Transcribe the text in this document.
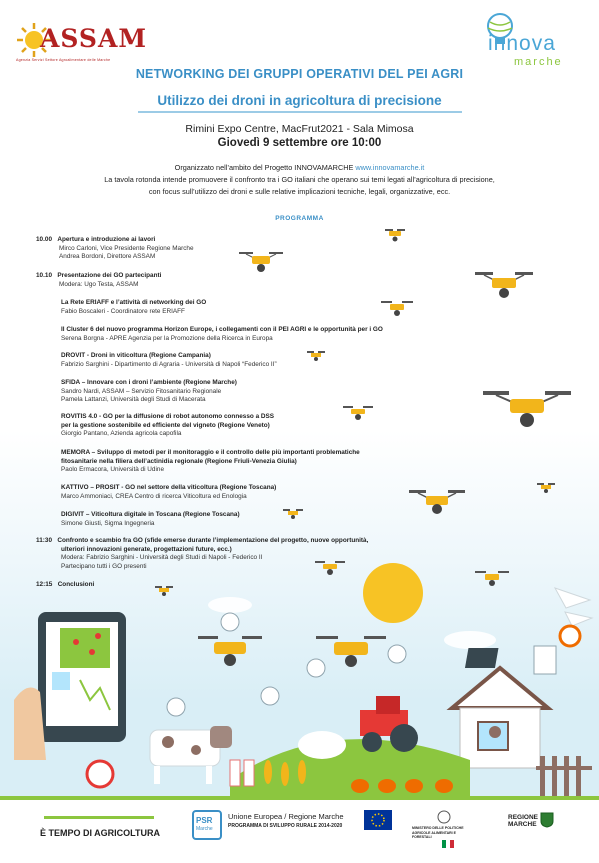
ASSAM
Agenzia Servizi Settore Agroalimentare delle Marche
innova
marche
NETWORKING DEI GRUPPI OPERATIVI DEL PEI AGRI
Utilizzo dei droni in agricoltura di precisione
Rimini Expo Centre, MacFrut2021 - Sala Mimosa
Giovedì 9 settembre ore 10:00
Organizzato nell’ambito del Progetto INNOVAMARCHE www.innovamarche.it
La tavola rotonda intende promuovere il confronto tra i GO italiani che operano sui temi legati all’agricoltura di precisione,
con focus sull’utilizzo dei droni e sulle relative implicazioni tecniche, legali, organizzative, ecc.
PROGRAMMA
10.00 Apertura e introduzione ai lavori
Mirco Carloni, Vice Presidente Regione Marche
Andrea Bordoni, Direttore ASSAM
10.10 Presentazione dei GO partecipanti
Modera: Ugo Testa, ASSAM
La Rete ERIAFF e l’attività di networking dei GO
Fabio Boscaleri - Coordinatore rete ERIAFF
Il Cluster 6 del nuovo programma Horizon Europe, i collegamenti con il PEI AGRI e le opportunità per i GO
Serena Borgna - APRE Agenzia per la Promozione della Ricerca in Europa
DROVIT - Droni in viticoltura (Regione Campania)
Fabrizio Sarghini - Dipartimento di Agraria - Università di Napoli “Federico II”
SFIDA – Innovare con i droni l’ambiente (Regione Marche)
Sandro Nardi, ASSAM – Servizio Fitosanitario Regionale
Pamela Lattanzi, Università degli Studi di Macerata
ROVITIS 4.0 - GO per la diffusione di robot autonomo connesso a DSS
per la gestione sostenibile ed efficiente del vigneto (Regione Veneto)
Giorgio Pantano, Azienda agricola capofila
MEMORA – Sviluppo di metodi per il monitoraggio e il controllo delle più importanti problematiche
fitosanitarie nella filiera dell’actinidia regionale (Regione Friuli-Venezia Giulia)
Paolo Ermacora, Università di Udine
KATTIVO – PROSIT - GO nel settore della viticoltura (Regione Toscana)
Marco Ammoniaci, CREA Centro di ricerca Viticoltura ed Enologia
DIGIVIT – Viticoltura digitale in Toscana (Regione Toscana)
Simone Giusti, Sigma Ingegneria
11:30 Confronto e scambio fra GO (sfide emerse durante l’implementazione del progetto, nuove opportunità,
ulteriori innovazioni generate, progettazioni future, ecc.)
Modera: Fabrizio Sarghini - Università degli Studi di Napoli - Federico II
Partecipano tutti i GO presenti
12:15 Conclusioni
È TEMPO DI AGRICOLTURA
PSR
Marche
Unione Europea / Regione Marche
PROGRAMMA DI SVILUPPO RURALE 2014-2020	MINISTERO DELLE POLITICHE AGRICOLE ALIMENTARI E FORESTALI
REGIONE MARCHE
